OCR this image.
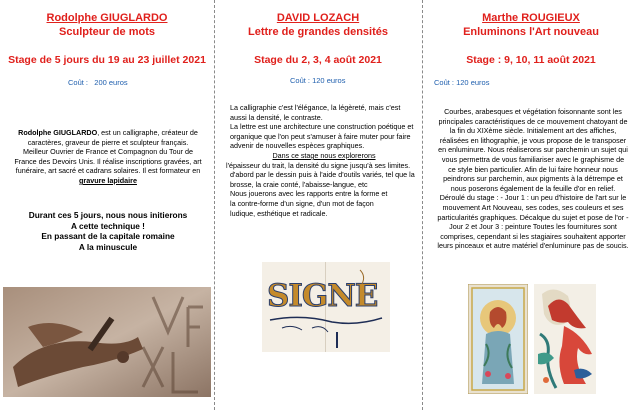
Rodolphe GIUGLARDO
Sculpteur de mots
Stage de 5 jours du 19 au 23 juillet 2021
Coût : 200 euros
Rodolphe GIUGLARDO, est un calligraphe, créateur de
caractères, graveur de pierre et sculpteur français.
Meilleur Ouvrier de France et Compagnon du Tour de
France des Devoirs Unis. Il réalise inscriptions gravées, art
funéraire, art sacré et cadrans solaires. Il est formateur en
gravure lapidaire
Durant ces 5 jours, nous nous initierons
A cette technique !
En passant de la capitale romaine
A la minuscule
DAVID LOZACH
Lettre de grandes densités
Stage du 2, 3, 4 août 2021
Coût : 120 euros
La calligraphie c'est l'élégance, la légèreté, mais c'est
aussi la densité, le contraste.
La lettre est une architecture une construction poétique et
organique que l'on peut s'amuser à faire muter pour faire
advenir de nouvelles espèces graphiques.
Dans ce stage nous explorerons
l'épaisseur du trait, la densité du signe jusqu'à ses limites.
d'abord par le dessin puis à l'aide d'outils variés, tel que la
brosse, la craie conté, l'abaisse-langue, etc
Nous jouerons avec les rapports entre la forme et
la contre-forme d'un signe, d'un mot de façon
ludique, esthétique et radicale.
SIGNE
Marthe ROUGIEUX
Enluminons l'Art nouveau
Stage : 9, 10, 11 août 2021
Coût : 120 euros
Courbes, arabesques et végétation foisonnante sont les
principales caractéristiques de ce mouvement chatoyant de
la fin du XIXème siècle. Initialement art des affiches,
réalisées en lithographie, je vous propose de le transposer
en enluminure. Nous réaliserons sur parchemin un sujet qui
vous permettra de vous familiariser avec le graphisme de
ce style bien particulier. Afin de lui faire honneur nous
peindrons sur parchemin, aux pigments à la détrempe et
nous poserons également de la feuille d'or en relief.
Déroulé du stage : - Jour 1 : un peu d'histoire de l'art sur le
mouvement Art Nouveau, ses codes, ses couleurs et ses
particularités graphiques. Décalque du sujet et pose de l'or -
Jour 2 et Jour 3 : peinture Toutes les fournitures sont
comprises, cependant si les stagiaires souhaitent apporter
leurs pinceaux et autre matériel d'enluminure pas de soucis.
